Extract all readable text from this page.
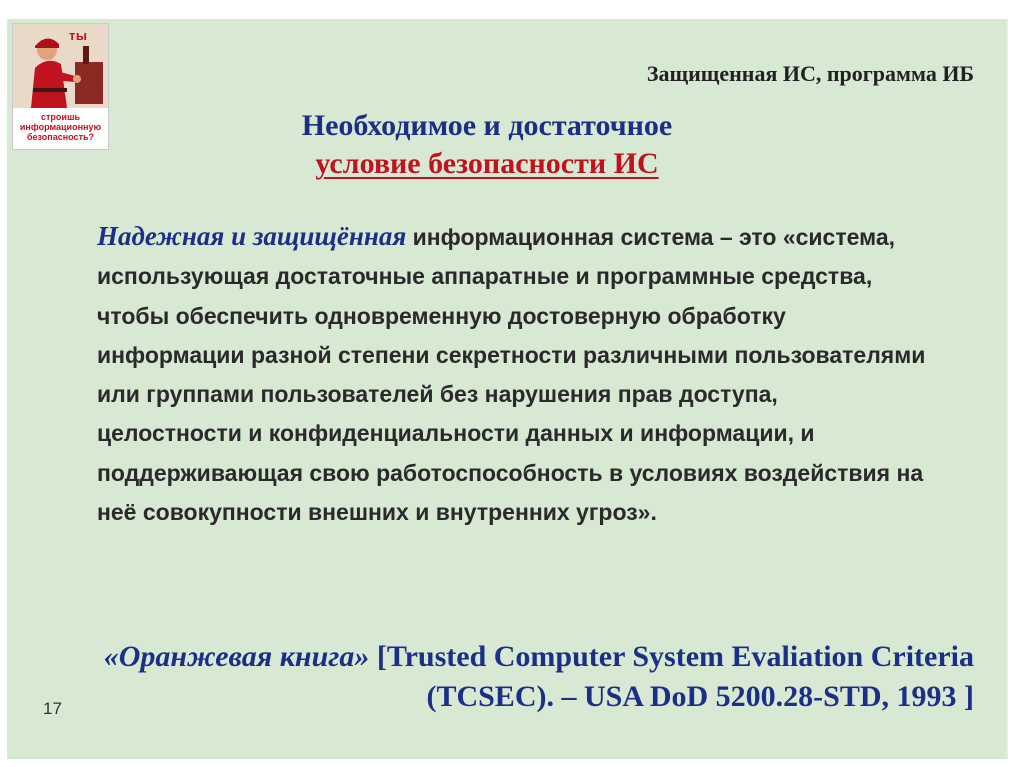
ты
строишь информационную безопасность?
Защищенная ИС, программа ИБ
Необходимое и достаточное
условие безопасности ИС

Надежная и защищённая информационная система – это «система, использующая достаточные аппаратные и программные средства, чтобы обеспечить одновременную достоверную обработку информации разной степени секретности различными пользователями или группами пользователей без нарушения прав доступа, целостности и конфиденциальности данных и информации, и поддерживающая свою работоспособность в условиях воздействия на неё совокупности внешних и внутренних угроз».

«Оранжевая книга» [Trusted Computer System Evaliation Criteria (TCSEC). – USA DoD 5200.28-STD, 1993 ]
17
